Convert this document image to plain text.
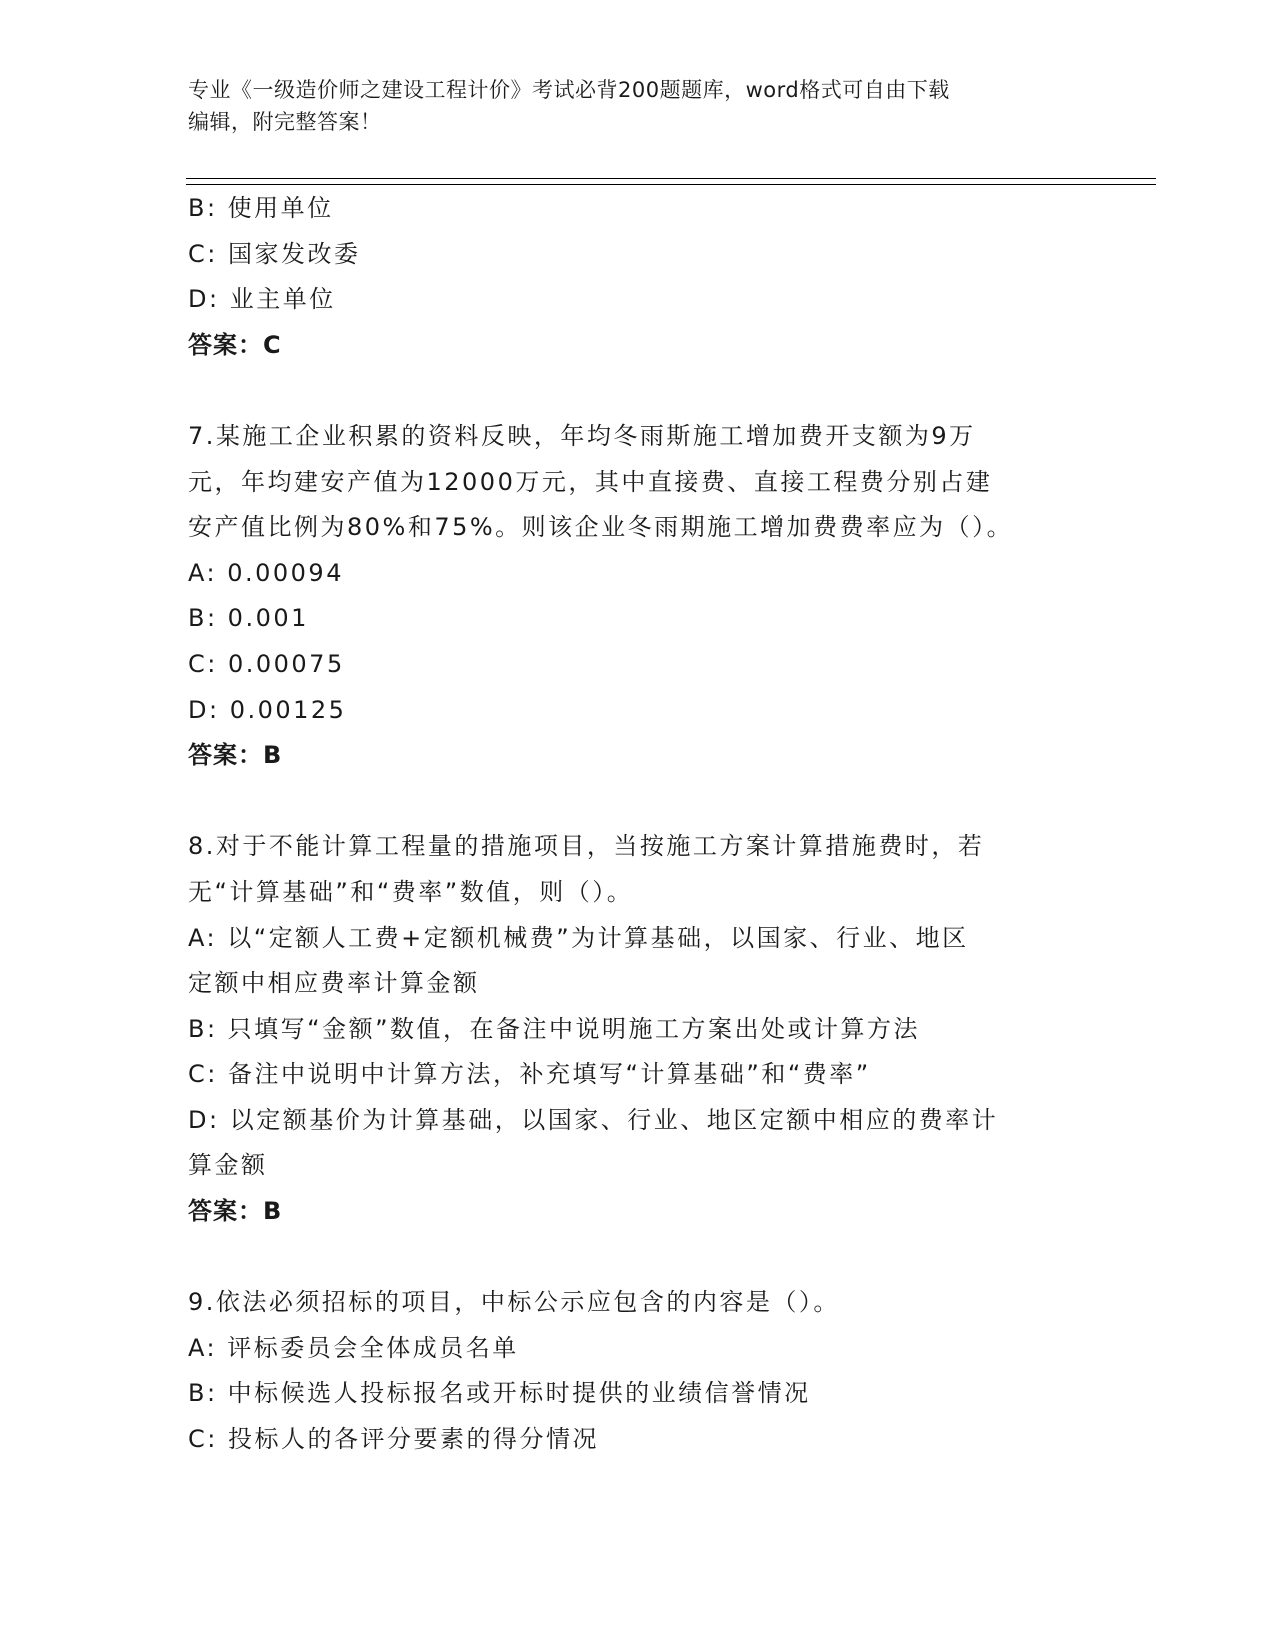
专业《一级造价师之建设工程计价》考试必背200题题库，word格式可自由下载
编辑，附完整答案！
B: 使用单位
C: 国家发改委
D: 业主单位
答案：C
7.某施工企业积累的资料反映，年均冬雨斯施工增加费开支额为9万
元，年均建安产值为12000万元，其中直接费、直接工程费分别占建
安产值比例为80%和75%。则该企业冬雨期施工增加费费率应为（）。
A: 0.00094
B: 0.001
C: 0.00075
D: 0.00125
答案：B
8.对于不能计算工程量的措施项目，当按施工方案计算措施费时，若
无“计算基础”和“费率”数值，则（）。
A: 以“定额人工费+定额机械费”为计算基础，以国家、行业、地区
定额中相应费率计算金额
B: 只填写“金额”数值，在备注中说明施工方案出处或计算方法
C: 备注中说明中计算方法，补充填写“计算基础”和“费率”
D: 以定额基价为计算基础，以国家、行业、地区定额中相应的费率计
算金额
答案：B
9.依法必须招标的项目，中标公示应包含的内容是（）。
A: 评标委员会全体成员名单
B: 中标候选人投标报名或开标时提供的业绩信誉情况
C: 投标人的各评分要素的得分情况
